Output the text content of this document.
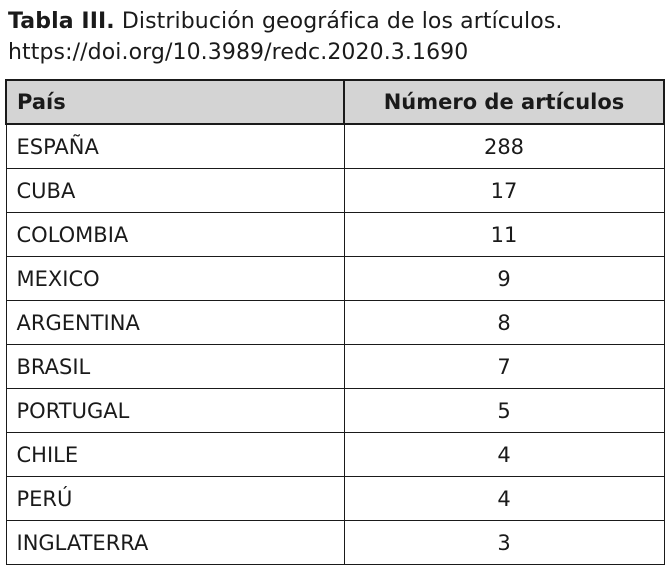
Tabla III. Distribución geográfica de los artículos. https://doi.org/10.3989/redc.2020.3.1690
País	Número de artículos
ESPAÑA	288
CUBA	17
COLOMBIA	11
MEXICO	9
ARGENTINA	8
BRASIL	7
PORTUGAL	5
CHILE	4
PERÚ	4
INGLATERRA	3
